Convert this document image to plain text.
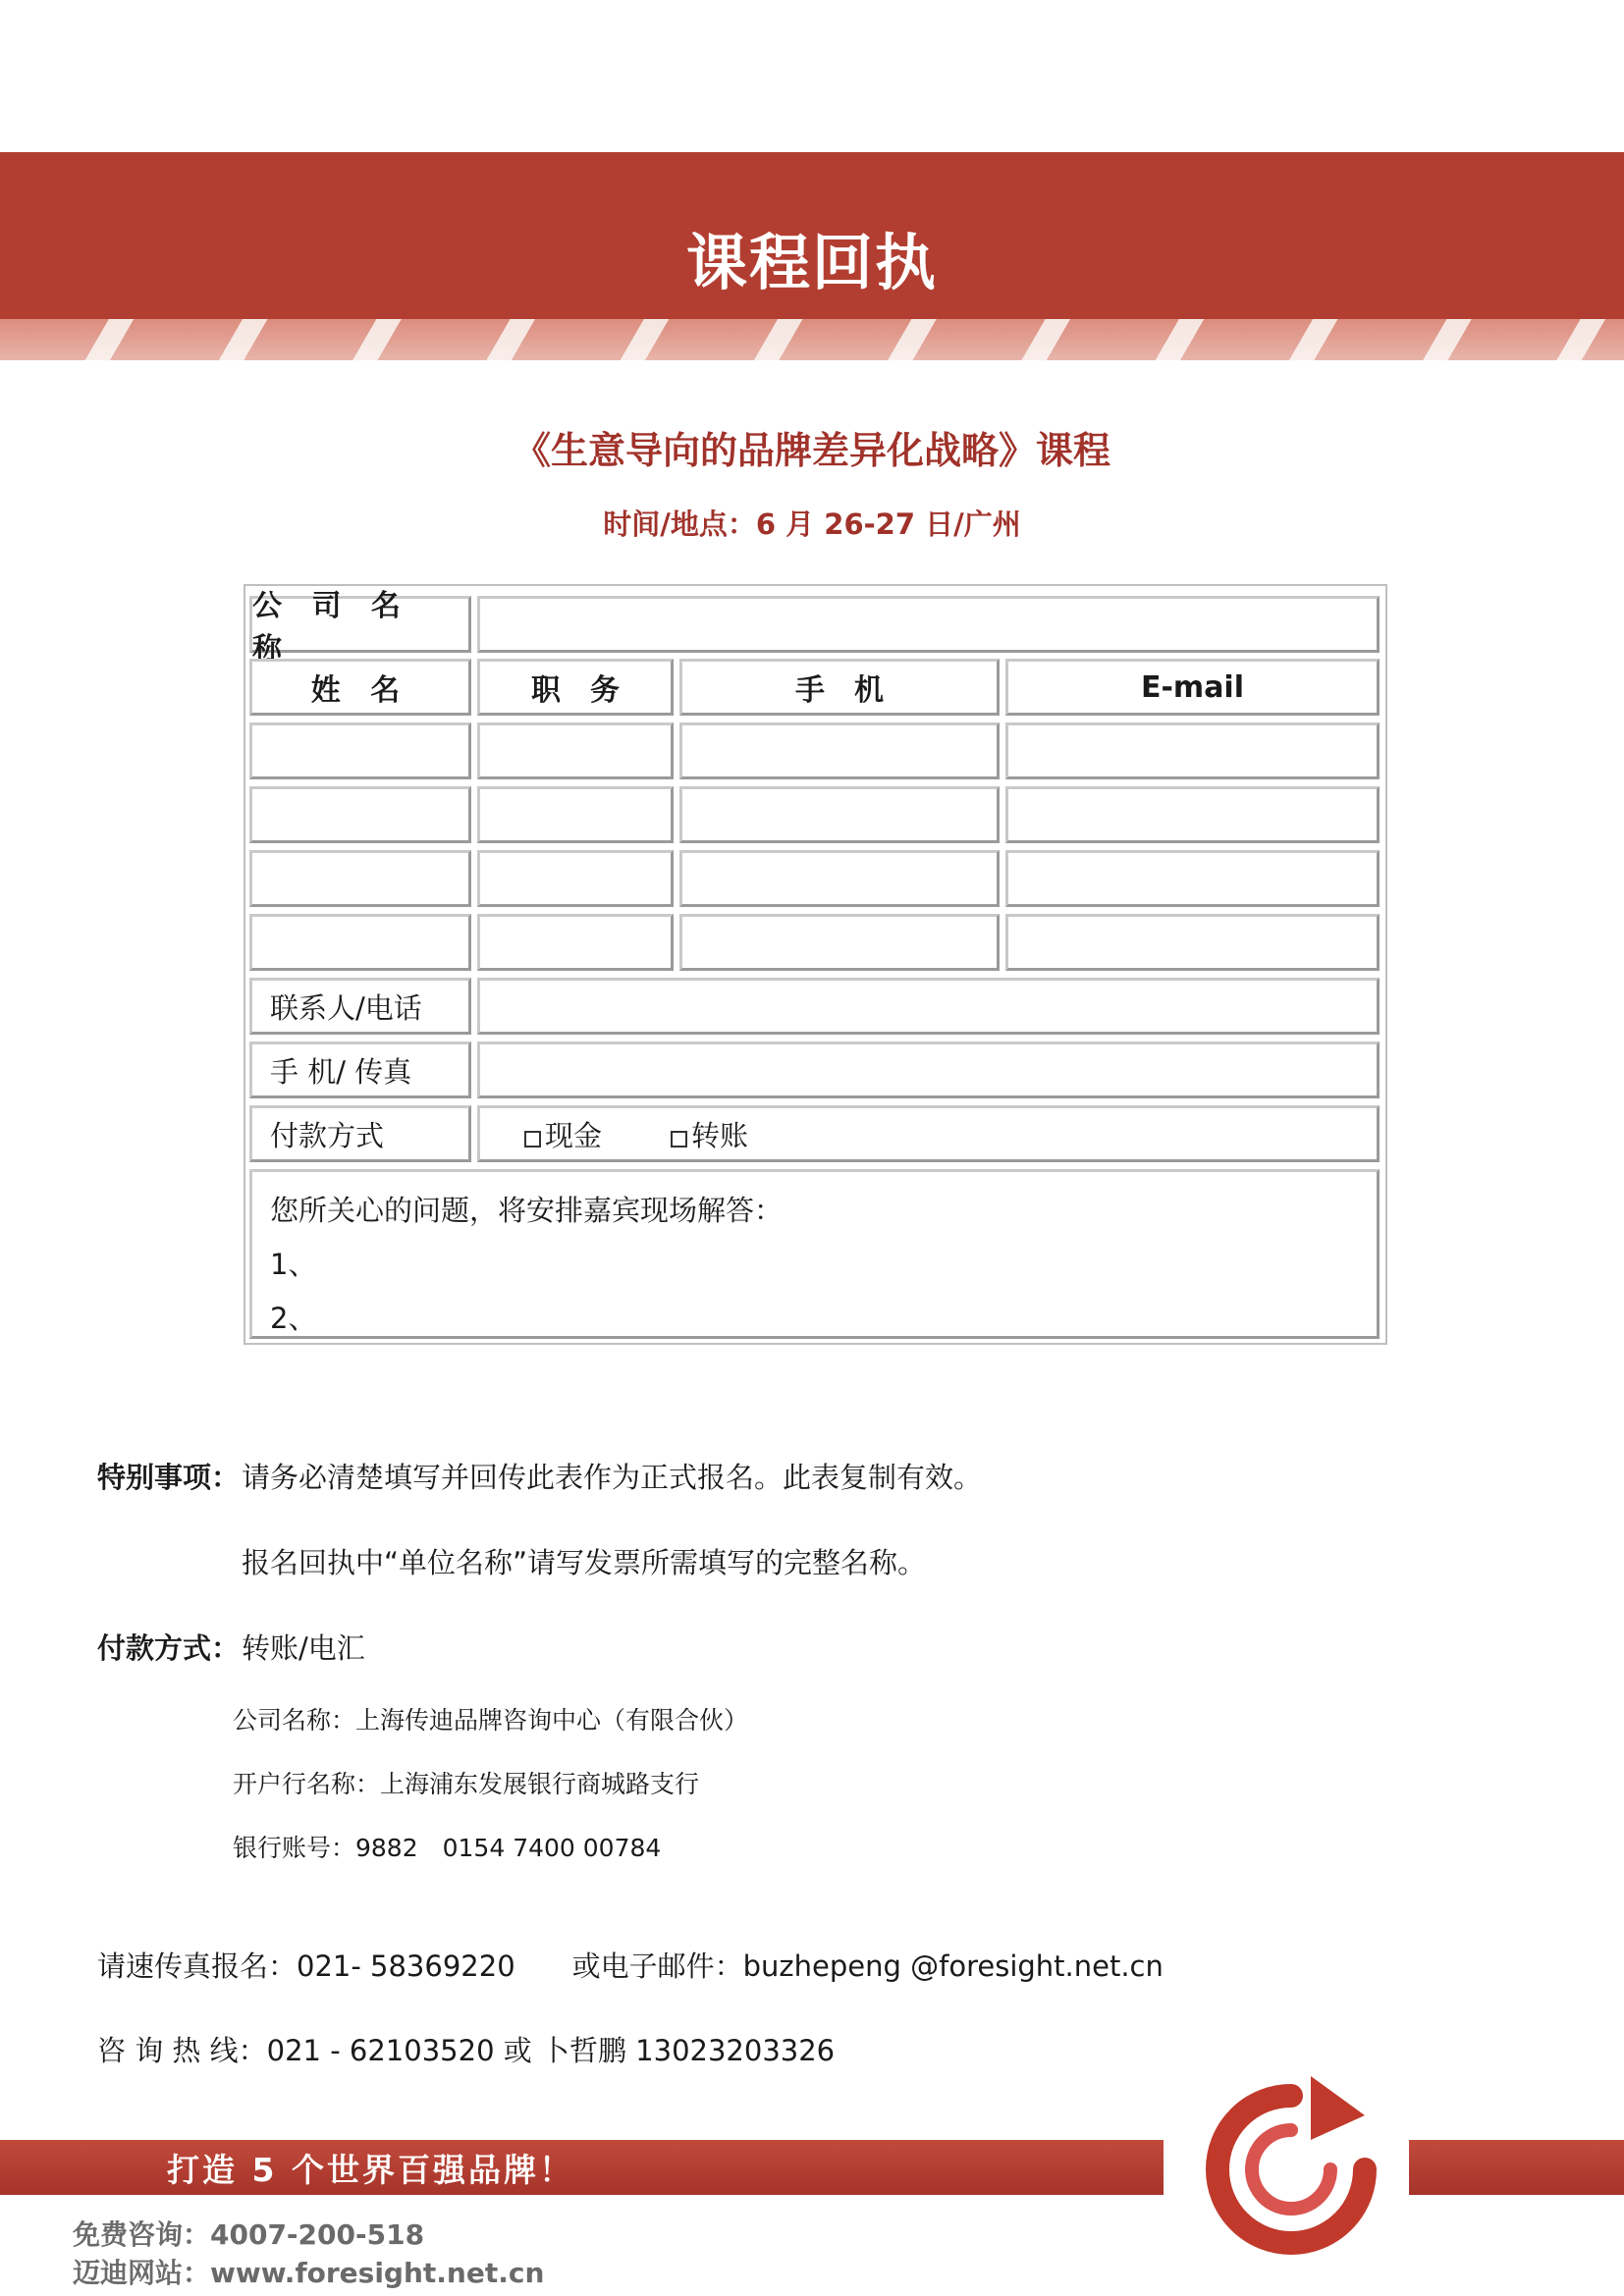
课程回执
《生意导向的品牌差异化战略》课程
时间/地点：6 月 26-27 日/广州
公 司 名 称
姓 名	职　务	手　机	E-mail
联系人/电话
手 机/ 传真
付款方式	现金	转账
您所关心的问题，将安排嘉宾现场解答：
1、
2、
特别事项： 请务必清楚填写并回传此表作为正式报名。此表复制有效。
报名回执中“单位名称”请写发票所需填写的完整名称。
付款方式： 转账/电汇
公司名称：上海传迪品牌咨询中心（有限合伙）
开户行名称：上海浦东发展银行商城路支行
银行账号：9882　0154 7400 00784
请速传真报名：021- 58369220　　或电子邮件：buzhepeng @foresight.net.cn
咨 询 热 线：021 - 62103520 或 卜哲鹏 13023203326
打造 5 个世界百强品牌！
免费咨询：4007-200-518
迈迪网站：www.foresight.net.cn
